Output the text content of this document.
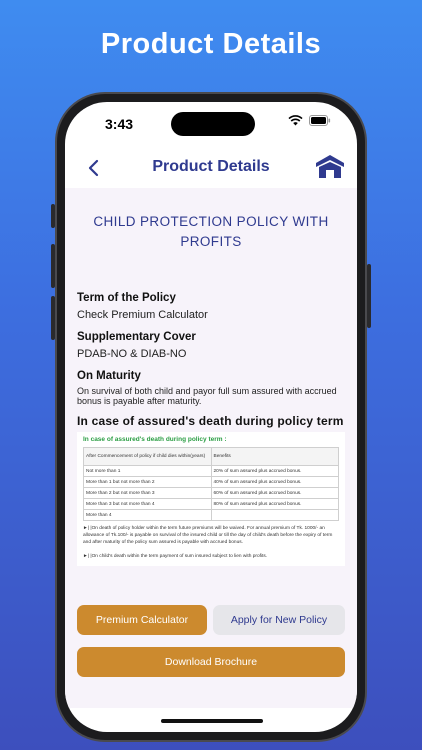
Product Details
3:43
Product Details
CHILD PROTECTION POLICY WITH PROFITS
Term of the Policy
Check Premium Calculator
Supplementary Cover
PDAB-NO & DIAB-NO
On Maturity
On survival of both child and payor full sum assured with accrued bonus is payable after maturity.
In case of assured's death during policy term
In case of assured's death during policy term :
After Commencement of policy if child dies within(years)	Benefits
Not more than 1	20% of sum assured plus accrued bonus.
More than 1 but not more than 2	40% of sum assured plus accrued bonus.
More than 2 but not more than 3	60% of sum assured plus accrued bonus.
More than 3 but not more than 4	80% of sum assured plus accrued bonus.
More than 4	
►| |On death of policy holder within the term future premiums will be waived. For annual premium of Tk. 1000/- an allowance of Tk.100/- is payable on survival of the insured child or till the day of child's death before the expiry of term and after maturity of the policy sum assured is payable with accrued bonus.
►| |On child's death within the term payment of sum insured subject to lien with profits.
Premium Calculator	Apply for New Policy
Download Brochure
